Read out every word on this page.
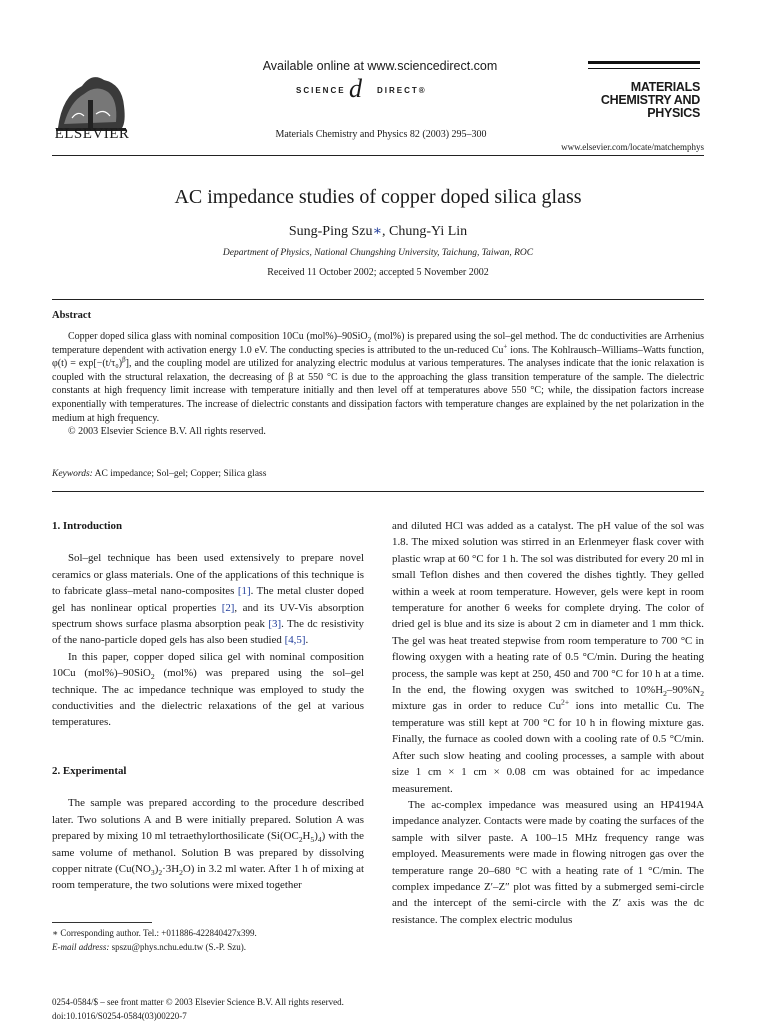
ELSEVIER
Available online at www.sciencedirect.com
SCIENCE d DIRECT®
Materials Chemistry and Physics 82 (2003) 295–300
MATERIALS
CHEMISTRY AND
PHYSICS
www.elsevier.com/locate/matchemphys
AC impedance studies of copper doped silica glass
Sung-Ping Szu∗, Chung-Yi Lin
Department of Physics, National Chungshing University, Taichung, Taiwan, ROC
Received 11 October 2002; accepted 5 November 2002
Abstract

Copper doped silica glass with nominal composition 10Cu (mol%)–90SiO$_2$ (mol%) is prepared using the sol–gel method. The dc conductivities are Arrhenius temperature dependent with activation energy 1.0 eV. The conducting species is attributed to the un-reduced Cu+ ions. The Kohlrausch–Williams–Watts function, $\varphi(t) = \exp[-(t/\tau_0)^\beta]$, and the coupling model are utilized for analyzing electric modulus at various temperatures. The analyses indicate that the ionic relaxation is coupled with the structural relaxation, the decreasing of β at 550 °C is due to the approaching the glass transition temperature of the sample. The dielectric constants at high frequency limit increase with temperature initially and then level off at temperatures above 550 °C; while, the dissipation factors increase exponentially with temperatures. The increase of dielectric constants and dissipation factors with temperature changes are explained by the net polarization in the medium at high frequency.

© 2003 Elsevier Science B.V. All rights reserved.

Keywords: AC impedance; Sol–gel; Copper; Silica glass
1. Introduction

Sol–gel technique has been used extensively to prepare novel ceramics or glass materials. One of the applications of this technique is to fabricate glass–metal nano-composites [1]. The metal cluster doped gel has nonlinear optical properties [2], and its UV-Vis absorption spectrum shows surface plasma absorption peak [3]. The dc resistivity of the nano-particle doped gels has also been studied [4,5].

In this paper, copper doped silica gel with nominal composition 10Cu (mol%)–90SiO$_2$ (mol%) was prepared using the sol–gel technique. The ac impedance technique was employed to study the conductivities and the dielectric relaxations of the gel at various temperatures.

2. Experimental

The sample was prepared according to the procedure described later. Two solutions A and B were initially prepared. Solution A was prepared by mixing 10 ml tetraethylorthosilicate $(Si(OC_2H_5)_4)$ with the same volume of methanol. Solution B was prepared by dissolving copper nitrate $(Cu(NO_3)_2\cdot 3H_2O)$ in 3.2 ml water. After 1 h of mixing at room temperature, the two solutions were mixed together

and diluted HCl was added as a catalyst. The pH value of the sol was 1.8. The mixed solution was stirred in an Erlenmeyer flask cover with plastic wrap at 60 °C for 1 h. The sol was distributed for every 20 ml in small Teflon dishes and then covered the dishes tightly. They gelled within a week at room temperature. However, gels were kept in room temperature for another 6 weeks for complete drying. The color of dried gel is blue and its size is about 2 cm in diameter and 1 mm thick. The gel was heat treated stepwise from room temperature to 700 °C in flowing oxygen with a heating rate of 0.5 °C/min. During the heating process, the sample was kept at 250, 450 and 700 °C for 10 h at a time. In the end, the flowing oxygen was switched to $10\%H_2-90\%N_2$ mixture gas in order to reduce $Cu^{2+}$ ions into metallic Cu. The temperature was still kept at 700 °C for 10 h in flowing mixture gas. Finally, the furnace as cooled down with a cooling rate of 0.5 °C/min. After such slow heating and cooling processes, a sample with about size 1 cm × 1 cm × 0.08 cm was obtained for ac impedance measurement.

The ac-complex impedance was measured using an HP4194A impedance analyzer. Contacts were made by coating the surfaces of the sample with silver paste. A 100–15 MHz frequency range was employed. Measurements were made in flowing nitrogen gas over the temperature range 20–680 °C with a heating rate of 1 °C/min. The complex impedance Z′–Z″ plot was fitted by a submerged semi-circle and the intercept of the semi-circle with the Z′ axis was the dc resistance. The complex electric modulus

∗ Corresponding author. Tel.: +011886-422840427x399.
E-mail address: spszu@phys.nchu.edu.tw (S.-P. Szu).
0254-0584/$ – see front matter © 2003 Elsevier Science B.V. All rights reserved.
doi:10.1016/S0254-0584(03)00220-7
